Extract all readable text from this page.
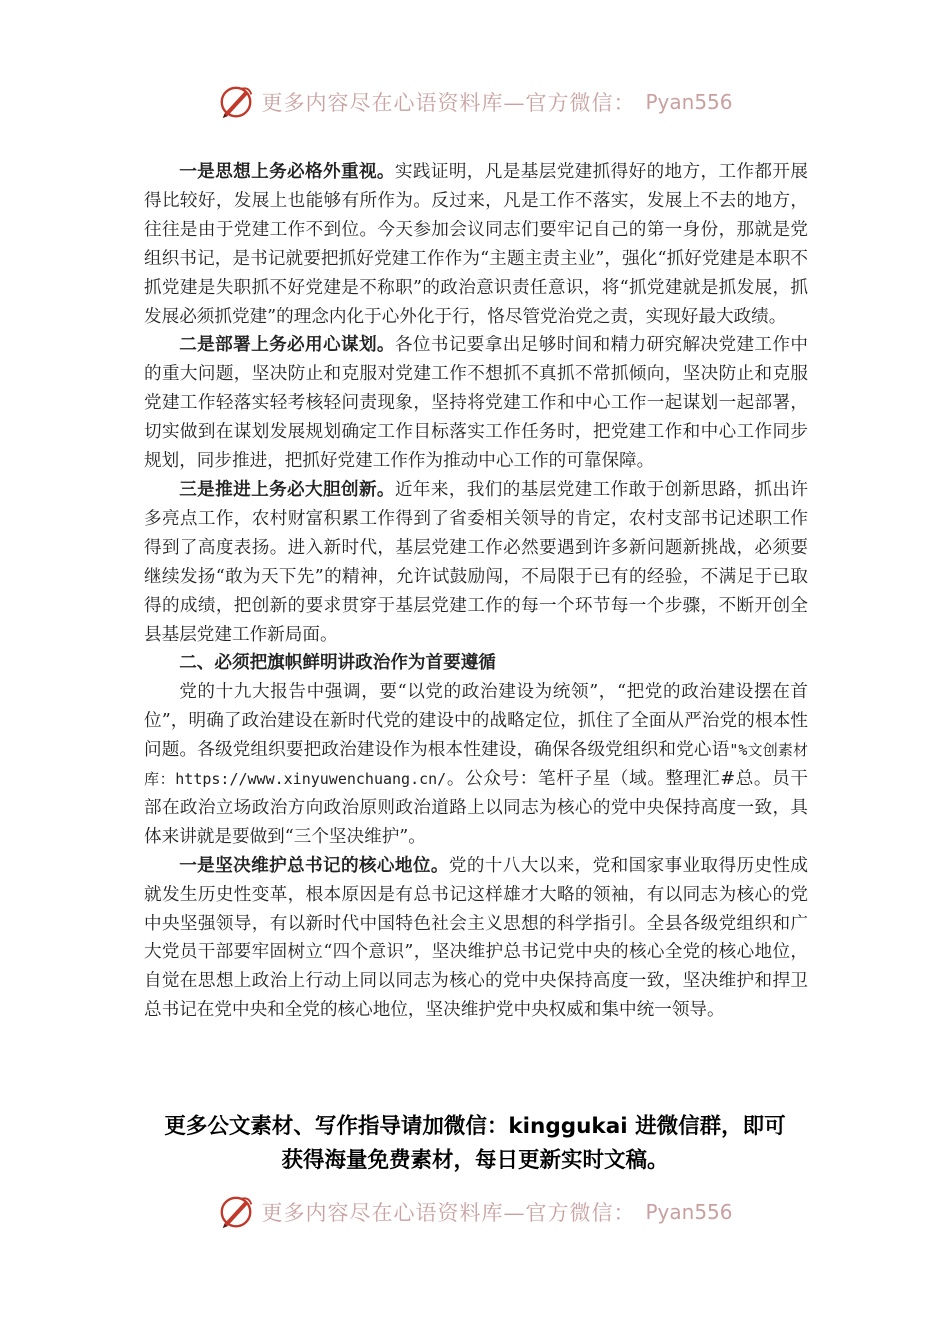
更多内容尽在心语资料库—官方微信： Pyan556

一是思想上务必格外重视。实践证明，凡是基层党建抓得好的地方，工作都开展得比较好，发展上也能够有所作为。反过来，凡是工作不落实，发展上不去的地方，往往是由于党建工作不到位。今天参加会议同志们要牢记自己的第一身份，那就是党组织书记，是书记就要把抓好党建工作作为“主题主责主业”，强化“抓好党建是本职不抓党建是失职抓不好党建是不称职”的政治意识责任意识，将“抓党建就是抓发展，抓发展必须抓党建”的理念内化于心外化于行，恪尽管党治党之责，实现好最大政绩。

二是部署上务必用心谋划。各位书记要拿出足够时间和精力研究解决党建工作中的重大问题，坚决防止和克服对党建工作不想抓不真抓不常抓倾向，坚决防止和克服党建工作轻落实轻考核轻问责现象，坚持将党建工作和中心工作一起谋划一起部署，切实做到在谋划发展规划确定工作目标落实工作任务时，把党建工作和中心工作同步规划，同步推进，把抓好党建工作作为推动中心工作的可靠保障。

三是推进上务必大胆创新。近年来，我们的基层党建工作敢于创新思路，抓出许多亮点工作，农村财富积累工作得到了省委相关领导的肯定，农村支部书记述职工作得到了高度表扬。进入新时代，基层党建工作必然要遇到许多新问题新挑战，必须要继续发扬“敢为天下先”的精神，允许试鼓励闯，不局限于已有的经验，不满足于已取得的成绩，把创新的要求贯穿于基层党建工作的每一个环节每一个步骤，不断开创全县基层党建工作新局面。

二、必须把旗帜鲜明讲政治作为首要遵循

党的十九大报告中强调，要“以党的政治建设为统领”，“把党的政治建设摆在首位”，明确了政治建设在新时代党的建设中的战略定位，抓住了全面从严治党的根本性问题。各级党组织要把政治建设作为根本性建设，确保各级党组织和党心语"%文创素材库：https://www.xinyuwenchuang.cn/。公众号：笔杆子星（域。整理汇#总。员干部在政治立场政治方向政治原则政治道路上以同志为核心的党中央保持高度一致，具体来讲就是要做到“三个坚决维护”。

一是坚决维护总书记的核心地位。党的十八大以来，党和国家事业取得历史性成就发生历史性变革，根本原因是有总书记这样雄才大略的领袖，有以同志为核心的党中央坚强领导，有以新时代中国特色社会主义思想的科学指引。全县各级党组织和广大党员干部要牢固树立“四个意识”，坚决维护总书记党中央的核心全党的核心地位，自觉在思想上政治上行动上同以同志为核心的党中央保持高度一致，坚决维护和捍卫总书记在党中央和全党的核心地位，坚决维护党中央权威和集中统一领导。

更多公文素材、写作指导请加微信：kinggukai 进微信群，即可
获得海量免费素材，每日更新实时文稿。
更多内容尽在心语资料库—官方微信： Pyan556
